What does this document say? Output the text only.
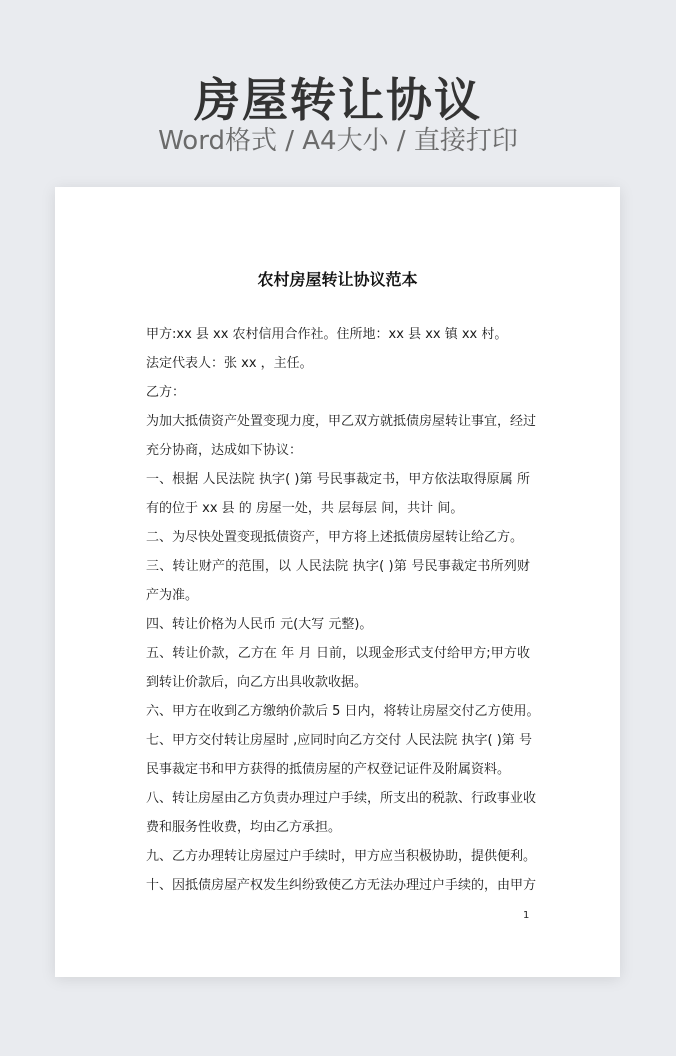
房屋转让协议
Word格式 / A4大小 / 直接打印
农村房屋转让协议范本
甲方:xx 县 xx 农村信用合作社。住所地：xx 县 xx 镇 xx 村。
法定代表人：张 xx ，主任。
乙方：
为加大抵债资产处置变现力度，甲乙双方就抵债房屋转让事宜，经过
充分协商，达成如下协议：
一、根据 人民法院 执字( )第 号民事裁定书，甲方依法取得原属 所
有的位于 xx 县 的 房屋一处，共 层每层 间，共计 间。
二、为尽快处置变现抵债资产，甲方将上述抵债房屋转让给乙方。
三、转让财产的范围，以 人民法院 执字( )第 号民事裁定书所列财
产为准。
四、转让价格为人民币 元(大写 元整)。
五、转让价款，乙方在 年 月 日前，以现金形式支付给甲方;甲方收
到转让价款后，向乙方出具收款收据。
六、甲方在收到乙方缴纳价款后 5 日内，将转让房屋交付乙方使用。
七、甲方交付转让房屋时 ,应同时向乙方交付 人民法院 执字( )第 号
民事裁定书和甲方获得的抵债房屋的产权登记证件及附属资料。
八、转让房屋由乙方负责办理过户手续，所支出的税款、行政事业收
费和服务性收费，均由乙方承担。
九、乙方办理转让房屋过户手续时，甲方应当积极协助，提供便利。
十、因抵债房屋产权发生纠纷致使乙方无法办理过户手续的，由甲方
1
